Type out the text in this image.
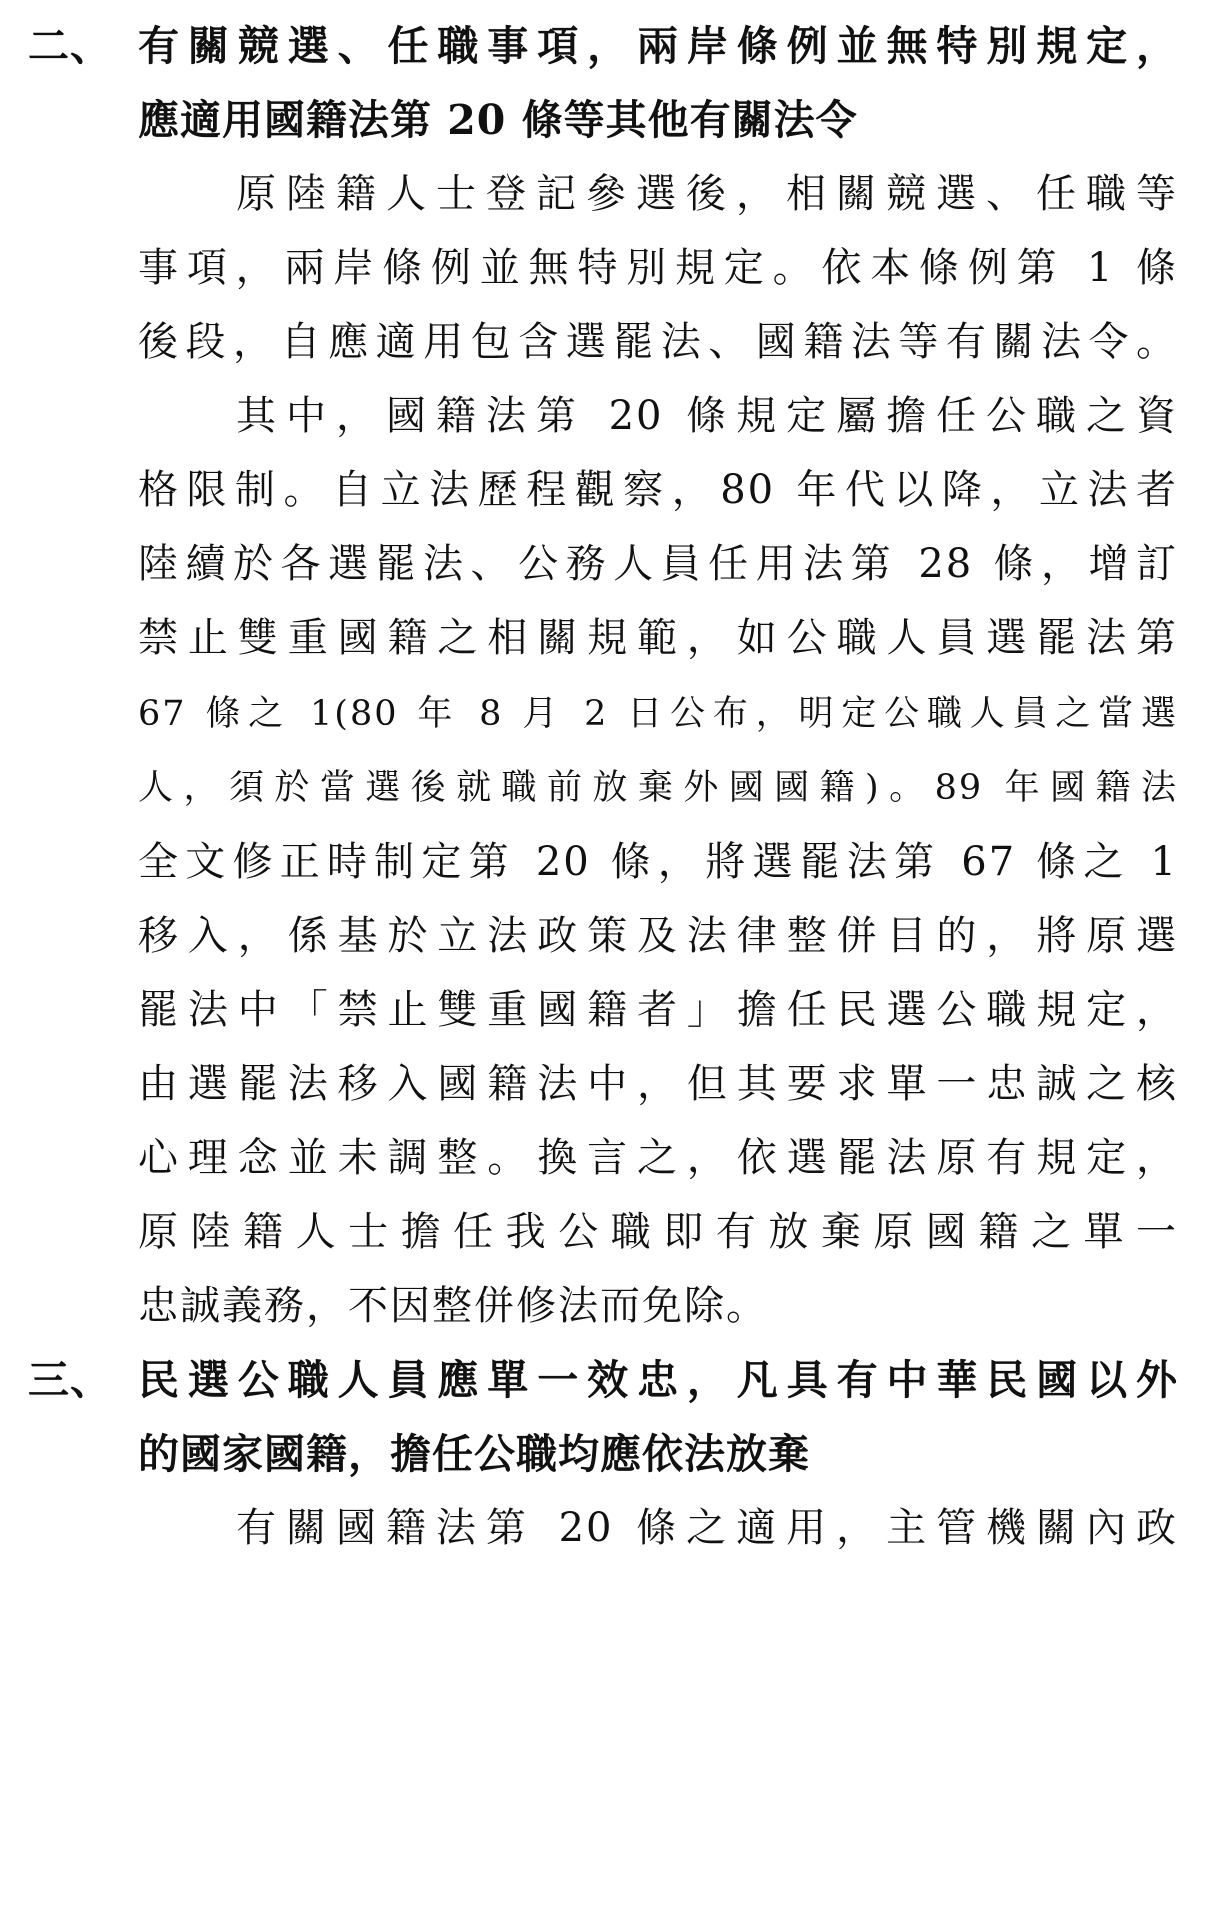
二、 有關競選、任職事項，兩岸條例並無特別規定，
應適用國籍法第 20 條等其他有關法令
原陸籍人士登記參選後，相關競選、任職等
事項，兩岸條例並無特別規定。依本條例第 1 條
後段，自應適用包含選罷法、國籍法等有關法令。
其中，國籍法第 20 條規定屬擔任公職之資
格限制。自立法歷程觀察，80 年代以降，立法者
陸續於各選罷法、公務人員任用法第 28 條，增訂
禁止雙重國籍之相關規範，如公職人員選罷法第
67 條之 1(80 年 8 月 2 日公布，明定公職人員之當選
人，須於當選後就職前放棄外國國籍)。89 年國籍法
全文修正時制定第 20 條，將選罷法第 67 條之 1
移入，係基於立法政策及法律整併目的，將原選
罷法中「禁止雙重國籍者」擔任民選公職規定，
由選罷法移入國籍法中，但其要求單一忠誠之核
心理念並未調整。換言之，依選罷法原有規定，
原陸籍人士擔任我公職即有放棄原國籍之單一
忠誠義務，不因整併修法而免除。
三、 民選公職人員應單一效忠，凡具有中華民國以外
的國家國籍，擔任公職均應依法放棄
有關國籍法第 20 條之適用，主管機關內政
